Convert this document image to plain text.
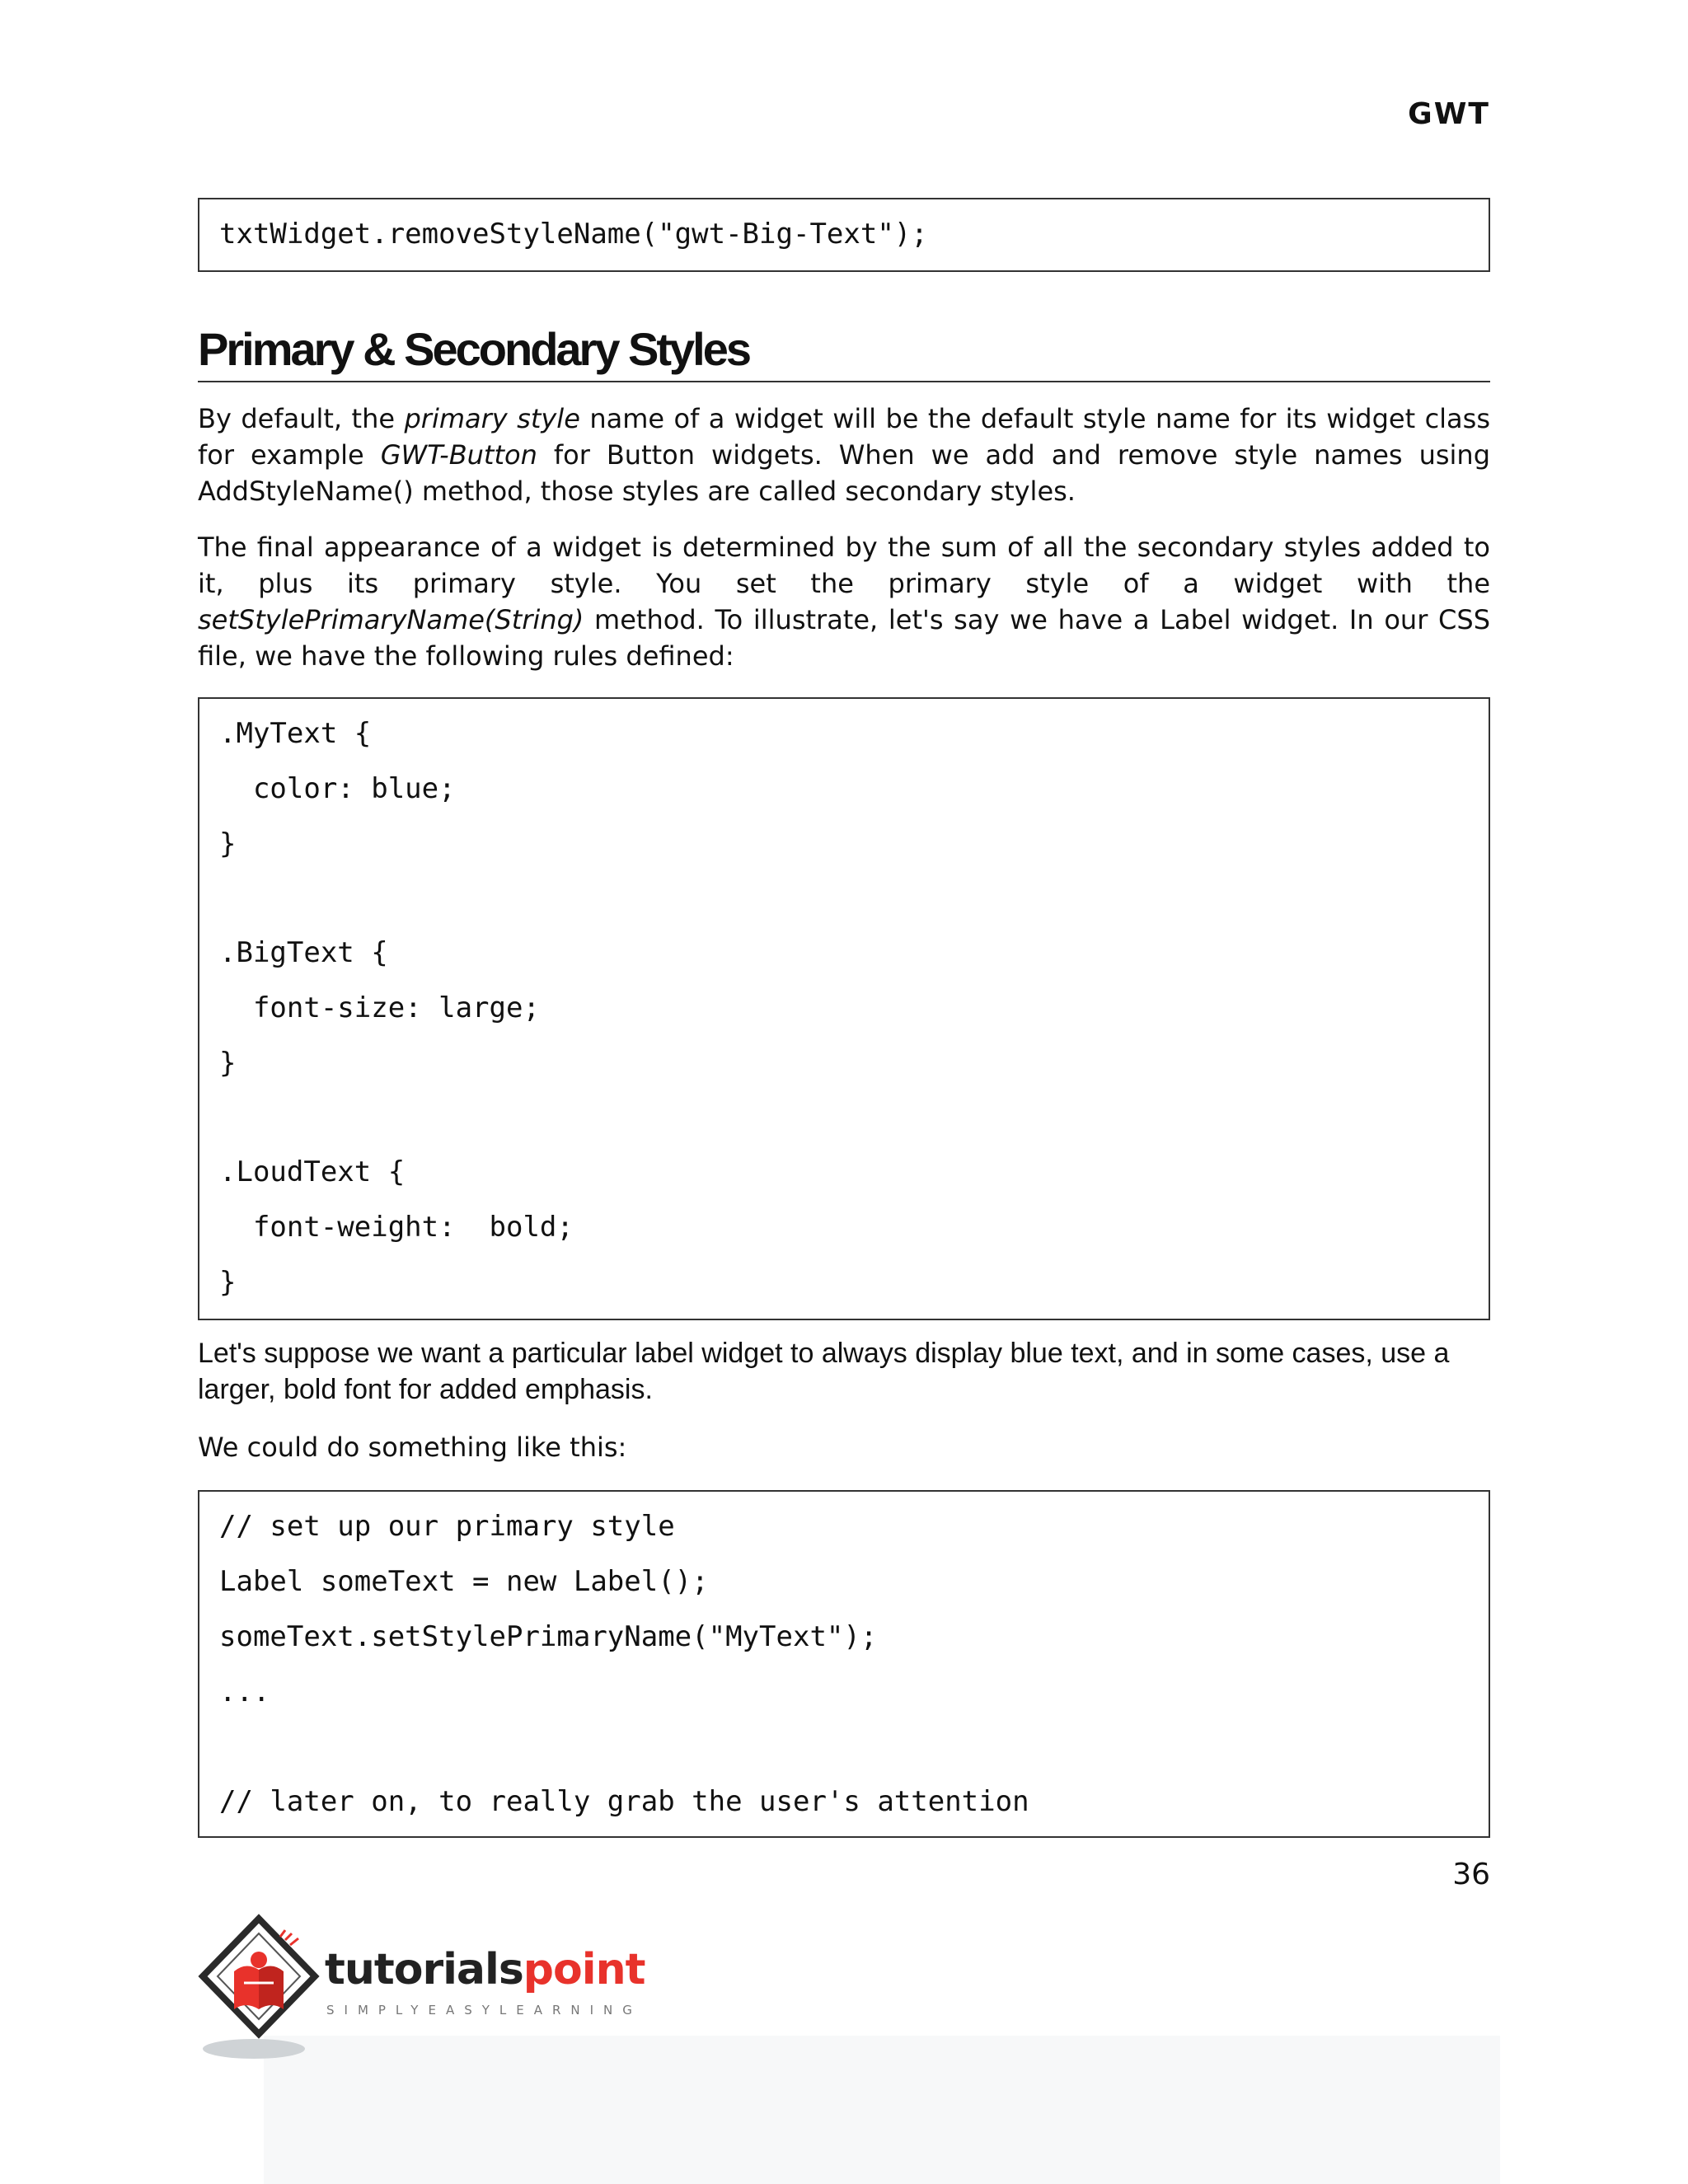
GWT
txtWidget.removeStyleName("gwt-Big-Text");
Primary & Secondary Styles

By default, the primary style name of a widget will be the default style name for its widget class for example GWT-Button for Button widgets. When we add and remove style names using AddStyleName() method, those styles are called secondary styles.

The final appearance of a widget is determined by the sum of all the secondary styles added to it, plus its primary style. You set the primary style of a widget with the setStylePrimaryName(String) method. To illustrate, let's say we have a Label widget. In our CSS file, we have the following rules defined:

.MyText {
color: blue;
}
.BigText {
font-size: large;
}
.LoudText {
font-weight:  bold;
}

Let's suppose we want a particular label widget to always display blue text, and in some cases, use a larger, bold font for added emphasis.

We could do something like this:

// set up our primary style
Label someText = new Label();
someText.setStylePrimaryName("MyText");
...
// later on, to really grab the user's attention
36
tutorialspoint
SIMPLYEASYLEARNING
